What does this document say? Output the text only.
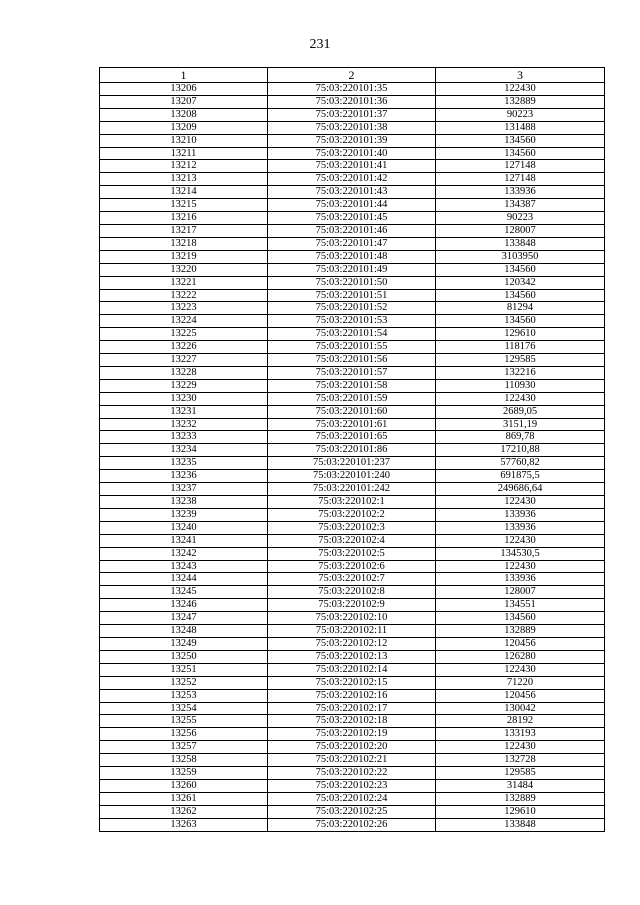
231
1	2	3
13206	75:03:220101:35	122430
13207	75:03:220101:36	132889
13208	75:03:220101:37	90223
13209	75:03:220101:38	131488
13210	75:03:220101:39	134560
13211	75:03:220101:40	134560
13212	75:03:220101:41	127148
13213	75:03:220101:42	127148
13214	75:03:220101:43	133936
13215	75:03:220101:44	134387
13216	75:03:220101:45	90223
13217	75:03:220101:46	128007
13218	75:03:220101:47	133848
13219	75:03:220101:48	3103950
13220	75:03:220101:49	134560
13221	75:03:220101:50	120342
13222	75:03:220101:51	134560
13223	75:03:220101:52	81294
13224	75:03:220101:53	134560
13225	75:03:220101:54	129610
13226	75:03:220101:55	118176
13227	75:03:220101:56	129585
13228	75:03:220101:57	132216
13229	75:03:220101:58	110930
13230	75:03:220101:59	122430
13231	75:03:220101:60	2689,05
13232	75:03:220101:61	3151,19
13233	75:03:220101:65	869,78
13234	75:03:220101:86	17210,88
13235	75:03:220101:237	57760,82
13236	75:03:220101:240	691875,5
13237	75:03:220101:242	249686,64
13238	75:03:220102:1	122430
13239	75:03:220102:2	133936
13240	75:03:220102:3	133936
13241	75:03:220102:4	122430
13242	75:03:220102:5	134530,5
13243	75:03:220102:6	122430
13244	75:03:220102:7	133936
13245	75:03:220102:8	128007
13246	75:03:220102:9	134551
13247	75:03:220102:10	134560
13248	75:03:220102:11	132889
13249	75:03:220102:12	120456
13250	75:03:220102:13	126280
13251	75:03:220102:14	122430
13252	75:03:220102:15	71220
13253	75:03:220102:16	120456
13254	75:03:220102:17	130042
13255	75:03:220102:18	28192
13256	75:03:220102:19	133193
13257	75:03:220102:20	122430
13258	75:03:220102:21	132728
13259	75:03:220102:22	129585
13260	75:03:220102:23	31484
13261	75:03:220102:24	132889
13262	75:03:220102:25	129610
13263	75:03:220102:26	133848
